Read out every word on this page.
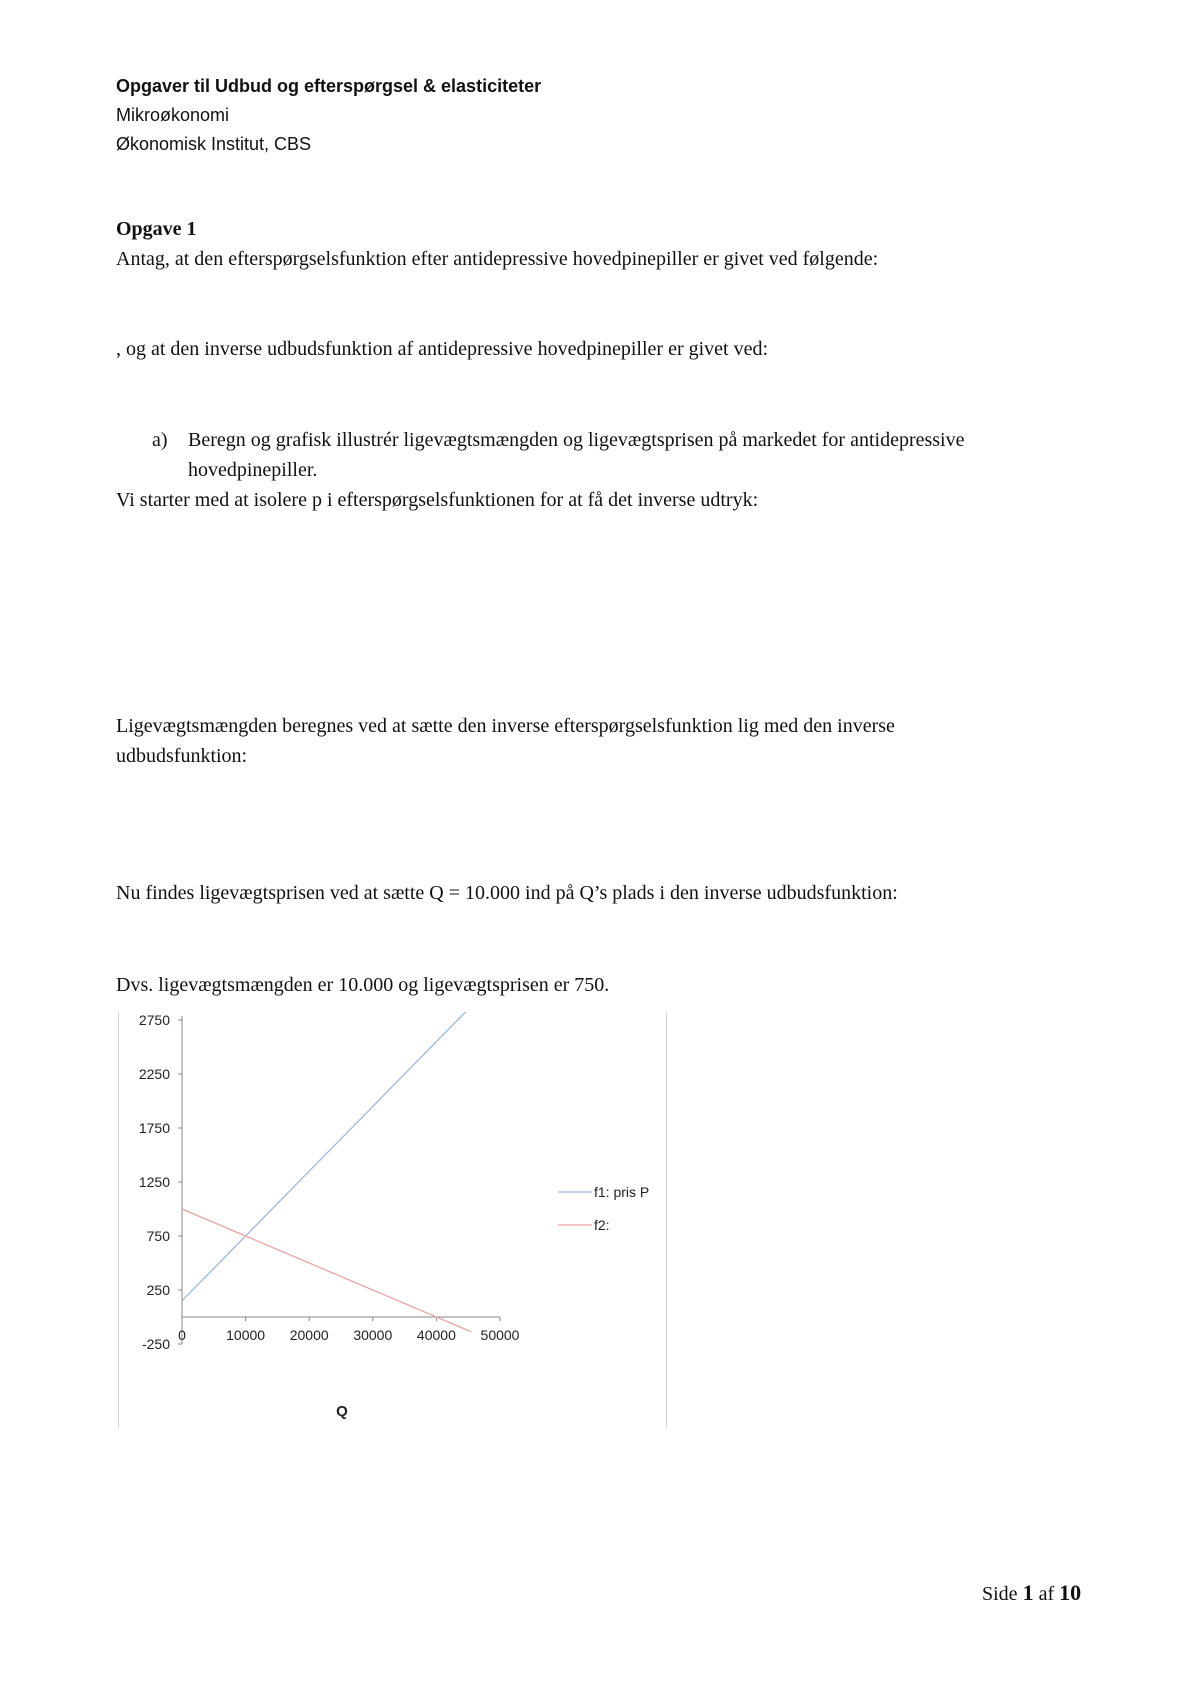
Opgaver til Udbud og efterspørgsel & elasticiteter
Mikroøkonomi
Økonomisk Institut, CBS
Opgave 1
Antag, at den efterspørgselsfunktion efter antidepressive hovedpinepiller er givet ved følgende:
, og at den inverse udbudsfunktion af antidepressive hovedpinepiller er givet ved:
a) Beregn og grafisk illustrér ligevægtsmængden og ligevægtsprisen på markedet for antidepressive
hovedpinepiller.
Vi starter med at isolere p i efterspørgselsfunktionen for at få det inverse udtryk:
Ligevægtsmængden beregnes ved at sætte den inverse efterspørgselsfunktion lig med den inverse
udbudsfunktion:
Nu findes ligevægtsprisen ved at sætte Q = 10.000 ind på Q’s plads i den inverse udbudsfunktion:
Dvs. ligevægtsmængden er 10.000 og ligevægtsprisen er 750.
2750
2250
1750
1250
750
250
-250
0	10000 20000 30000 40000 50000
Q
f1: pris P
f2:
Side 1 af 10
